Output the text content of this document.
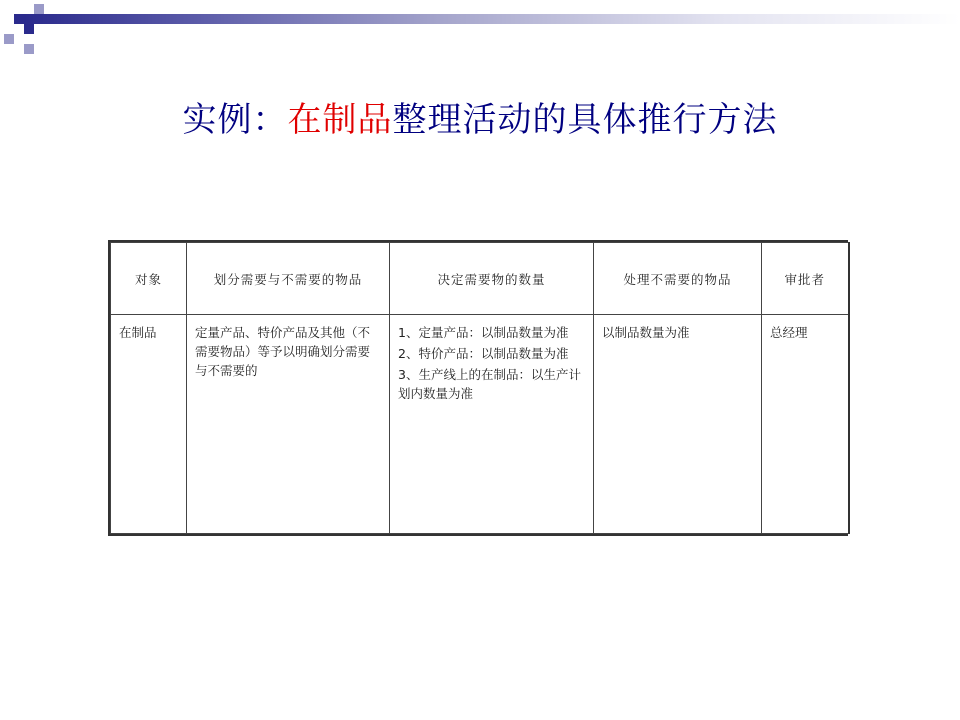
实例：在制品整理活动的具体推行方法
对象	划分需要与不需要的物品	决定需要物的数量	处理不需要的物品	审批者
在制品	定量产品、特价产品及其他（不需要物品）等予以明确划分需要与不需要的	1、定量产品：以制品数量为准
2、特价产品：以制品数量为准
3、生产线上的在制品：以生产计划内数量为准	以制品数量为准	总经理
